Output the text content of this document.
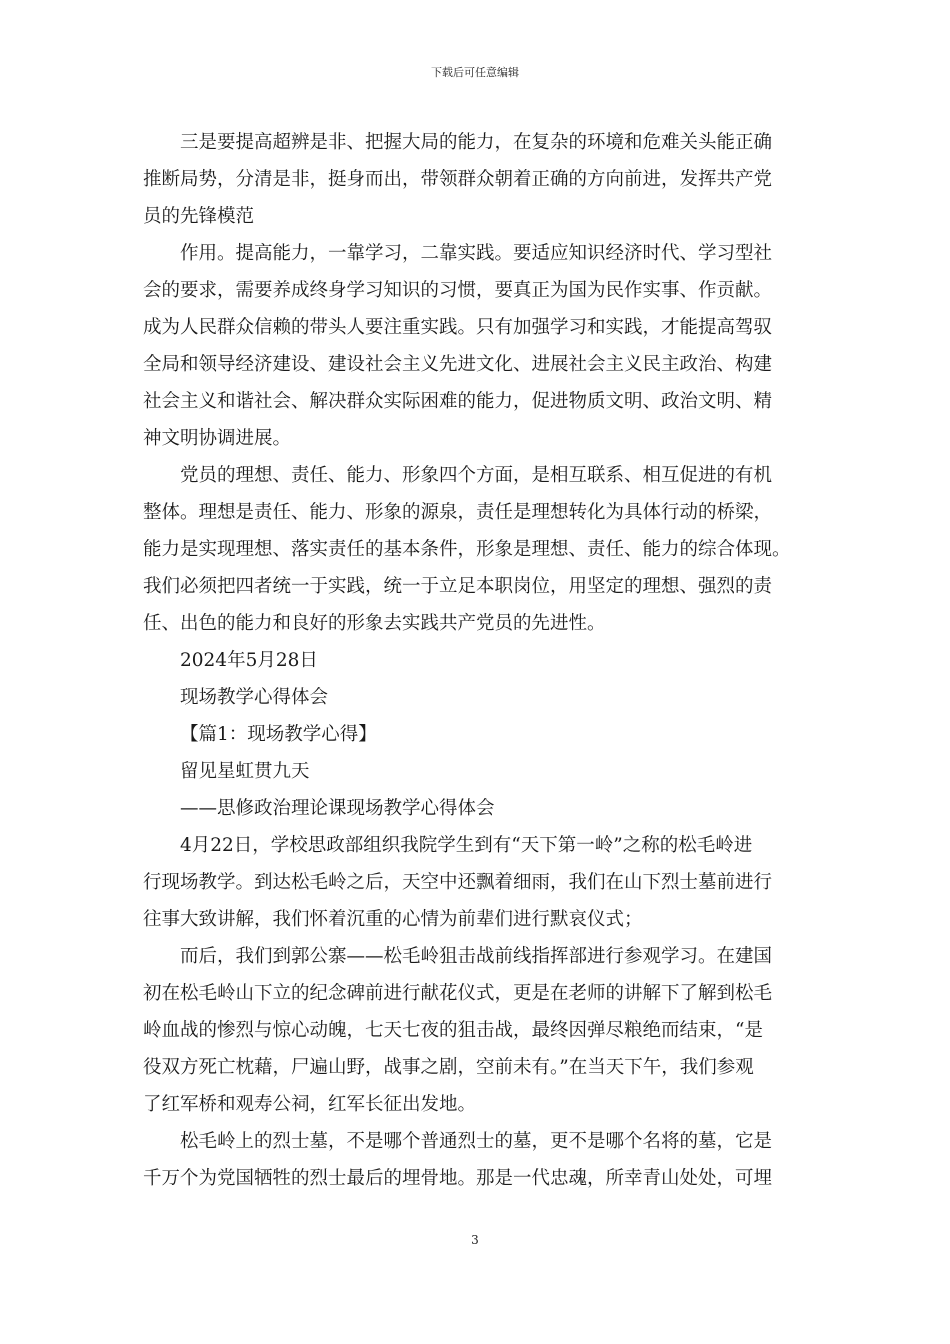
下载后可任意编辑
三是要提高超辨是非、把握大局的能力，在复杂的环境和危难关头能正确
推断局势，分清是非，挺身而出，带领群众朝着正确的方向前进，发挥共产党
员的先锋模范
作用。提高能力，一靠学习，二靠实践。要适应知识经济时代、学习型社
会的要求，需要养成终身学习知识的习惯，要真正为国为民作实事、作贡献。
成为人民群众信赖的带头人要注重实践。只有加强学习和实践，才能提高驾驭
全局和领导经济建设、建设社会主义先进文化、进展社会主义民主政治、构建
社会主义和谐社会、解决群众实际困难的能力，促进物质文明、政治文明、精
神文明协调进展。
党员的理想、责任、能力、形象四个方面，是相互联系、相互促进的有机
整体。理想是责任、能力、形象的源泉，责任是理想转化为具体行动的桥梁，
能力是实现理想、落实责任的基本条件，形象是理想、责任、能力的综合体现。
我们必须把四者统一于实践，统一于立足本职岗位，用坚定的理想、强烈的责
任、出色的能力和良好的形象去实践共产党员的先进性。
2024年5月28日
现场教学心得体会
【篇1：现场教学心得】
留见星虹贯九天
——思修政治理论课现场教学心得体会
4月22日，学校思政部组织我院学生到有“天下第一岭”之称的松毛岭进
行现场教学。到达松毛岭之后，天空中还飘着细雨，我们在山下烈士墓前进行
往事大致讲解，我们怀着沉重的心情为前辈们进行默哀仪式；
而后，我们到郭公寨——松毛岭狙击战前线指挥部进行参观学习。在建国
初在松毛岭山下立的纪念碑前进行献花仪式，更是在老师的讲解下了解到松毛
岭血战的惨烈与惊心动魄，七天七夜的狙击战，最终因弹尽粮绝而结束，“是
役双方死亡枕藉，尸遍山野，战事之剧，空前未有。”在当天下午，我们参观
了红军桥和观寿公祠，红军长征出发地。
松毛岭上的烈士墓，不是哪个普通烈士的墓，更不是哪个名将的墓，它是
千万个为党国牺牲的烈士最后的埋骨地。那是一代忠魂，所幸青山处处，可埋
3
